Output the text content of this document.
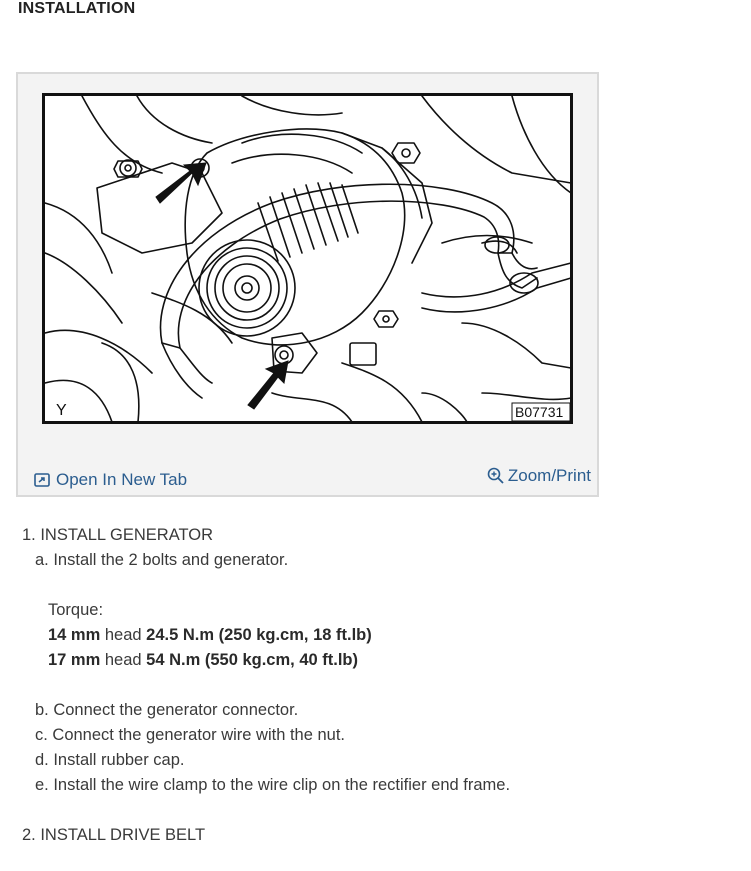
INSTALLATION
Y	B07731
Open In New Tab	Zoom/Print
1. INSTALL GENERATOR
a. Install the 2 bolts and generator.
Torque:
14 mm head 24.5 N.m (250 kg.cm, 18 ft.lb)
17 mm head 54 N.m (550 kg.cm, 40 ft.lb)
b. Connect the generator connector.
c. Connect the generator wire with the nut.
d. Install rubber cap.
e. Install the wire clamp to the wire clip on the rectifier end frame.
2. INSTALL DRIVE BELT
